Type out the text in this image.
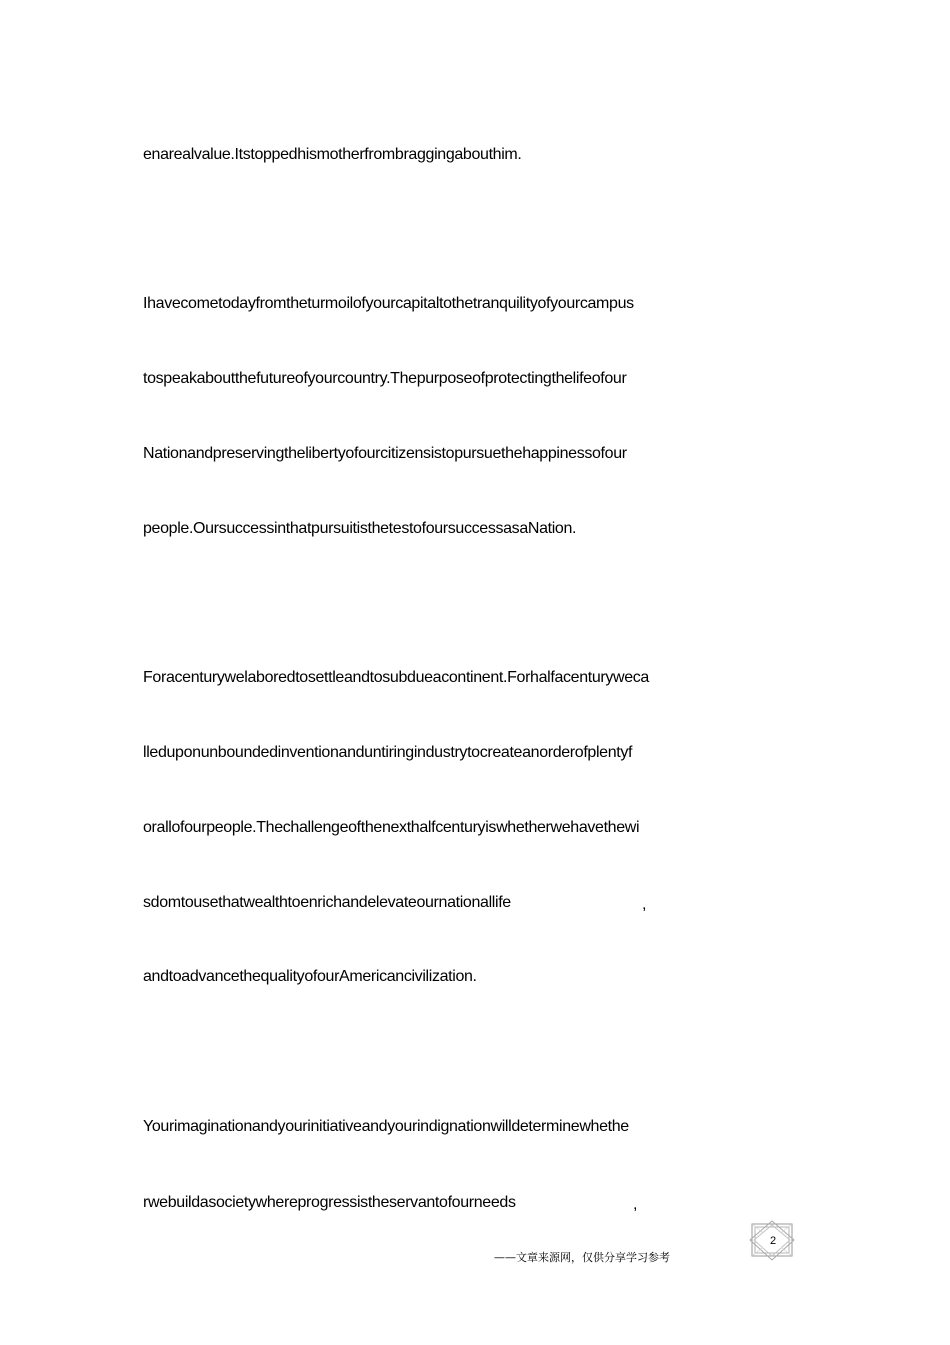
enarealvalue.Itstoppedhismotherfrombraggingabouthim.
Ihavecometodayfromtheturmoilofyourcapitaltothetranquilityofyourcampus
tospeakaboutthefutureofyourcountry.Thepurposeofprotectingthelifeofour
Nationandpreservingthelibertyofourcitizensistopursuethehappinessofour
people.OursuccessinthatpursuitisthetestofoursuccessasaNation.
Foracenturywelaboredtosettleandtosubdueacontinent.Forhalfacenturyweca
lleduponunboundedinventionanduntiringindustrytocreateanorderofplentyf
orallofourpeople.Thechallengeofthenexthalfcenturyiswhetherwehavethewi
sdomtousethatwealthtoenrichandelevateournationallife	,
andtoadvancethequalityofourAmericancivilization.
Yourimaginationandyourinitiativeandyourindignationwilldeterminewhethe
rwebuildasocietywhereprogressistheservantofourneeds	,
——文章来源网，仅供分享学习参考
2
